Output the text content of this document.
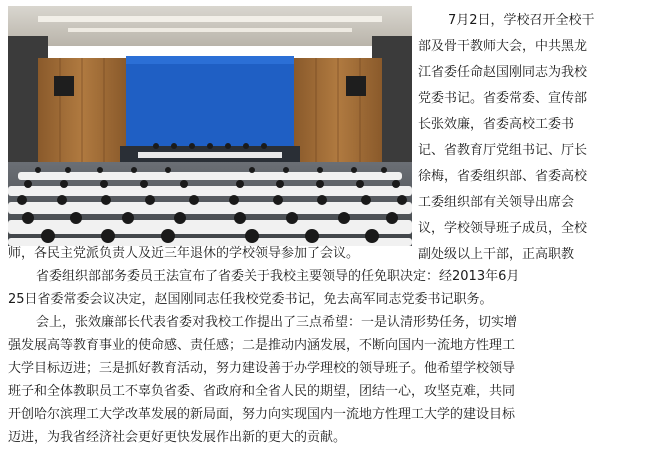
7月2日，学校召开全校干
部及骨干教师大会，中共黑龙
江省委任命赵国刚同志为我校
党委书记。省委常委、宣传部
长张效廉，省委高校工委书
记、省教育厅党组书记、厅长
徐梅，省委组织部、省委高校
工委组织部有关领导出席会
议，学校领导班子成员，全校
副处级以上干部，正高职教
师，各民主党派负责人及近三年退休的学校领导参加了会议。
省委组织部部务委员王法宣布了省委关于我校主要领导的任免职决定：经2013年6月
25日省委常委会议决定，赵国刚同志任我校党委书记，免去高军同志党委书记职务。
会上，张效廉部长代表省委对我校工作提出了三点希望：一是认清形势任务，切实增
强发展高等教育事业的使命感、责任感；二是推动内涵发展，不断向国内一流地方性理工
大学目标迈进；三是抓好教育活动，努力建设善于办学理校的领导班子。他希望学校领导
班子和全体教职员工不辜负省委、省政府和全省人民的期望，团结一心，攻坚克难，共同
开创哈尔滨理工大学改革发展的新局面，努力向实现国内一流地方性理工大学的建设目标
迈进，为我省经济社会更好更快发展作出新的更大的贡献。
